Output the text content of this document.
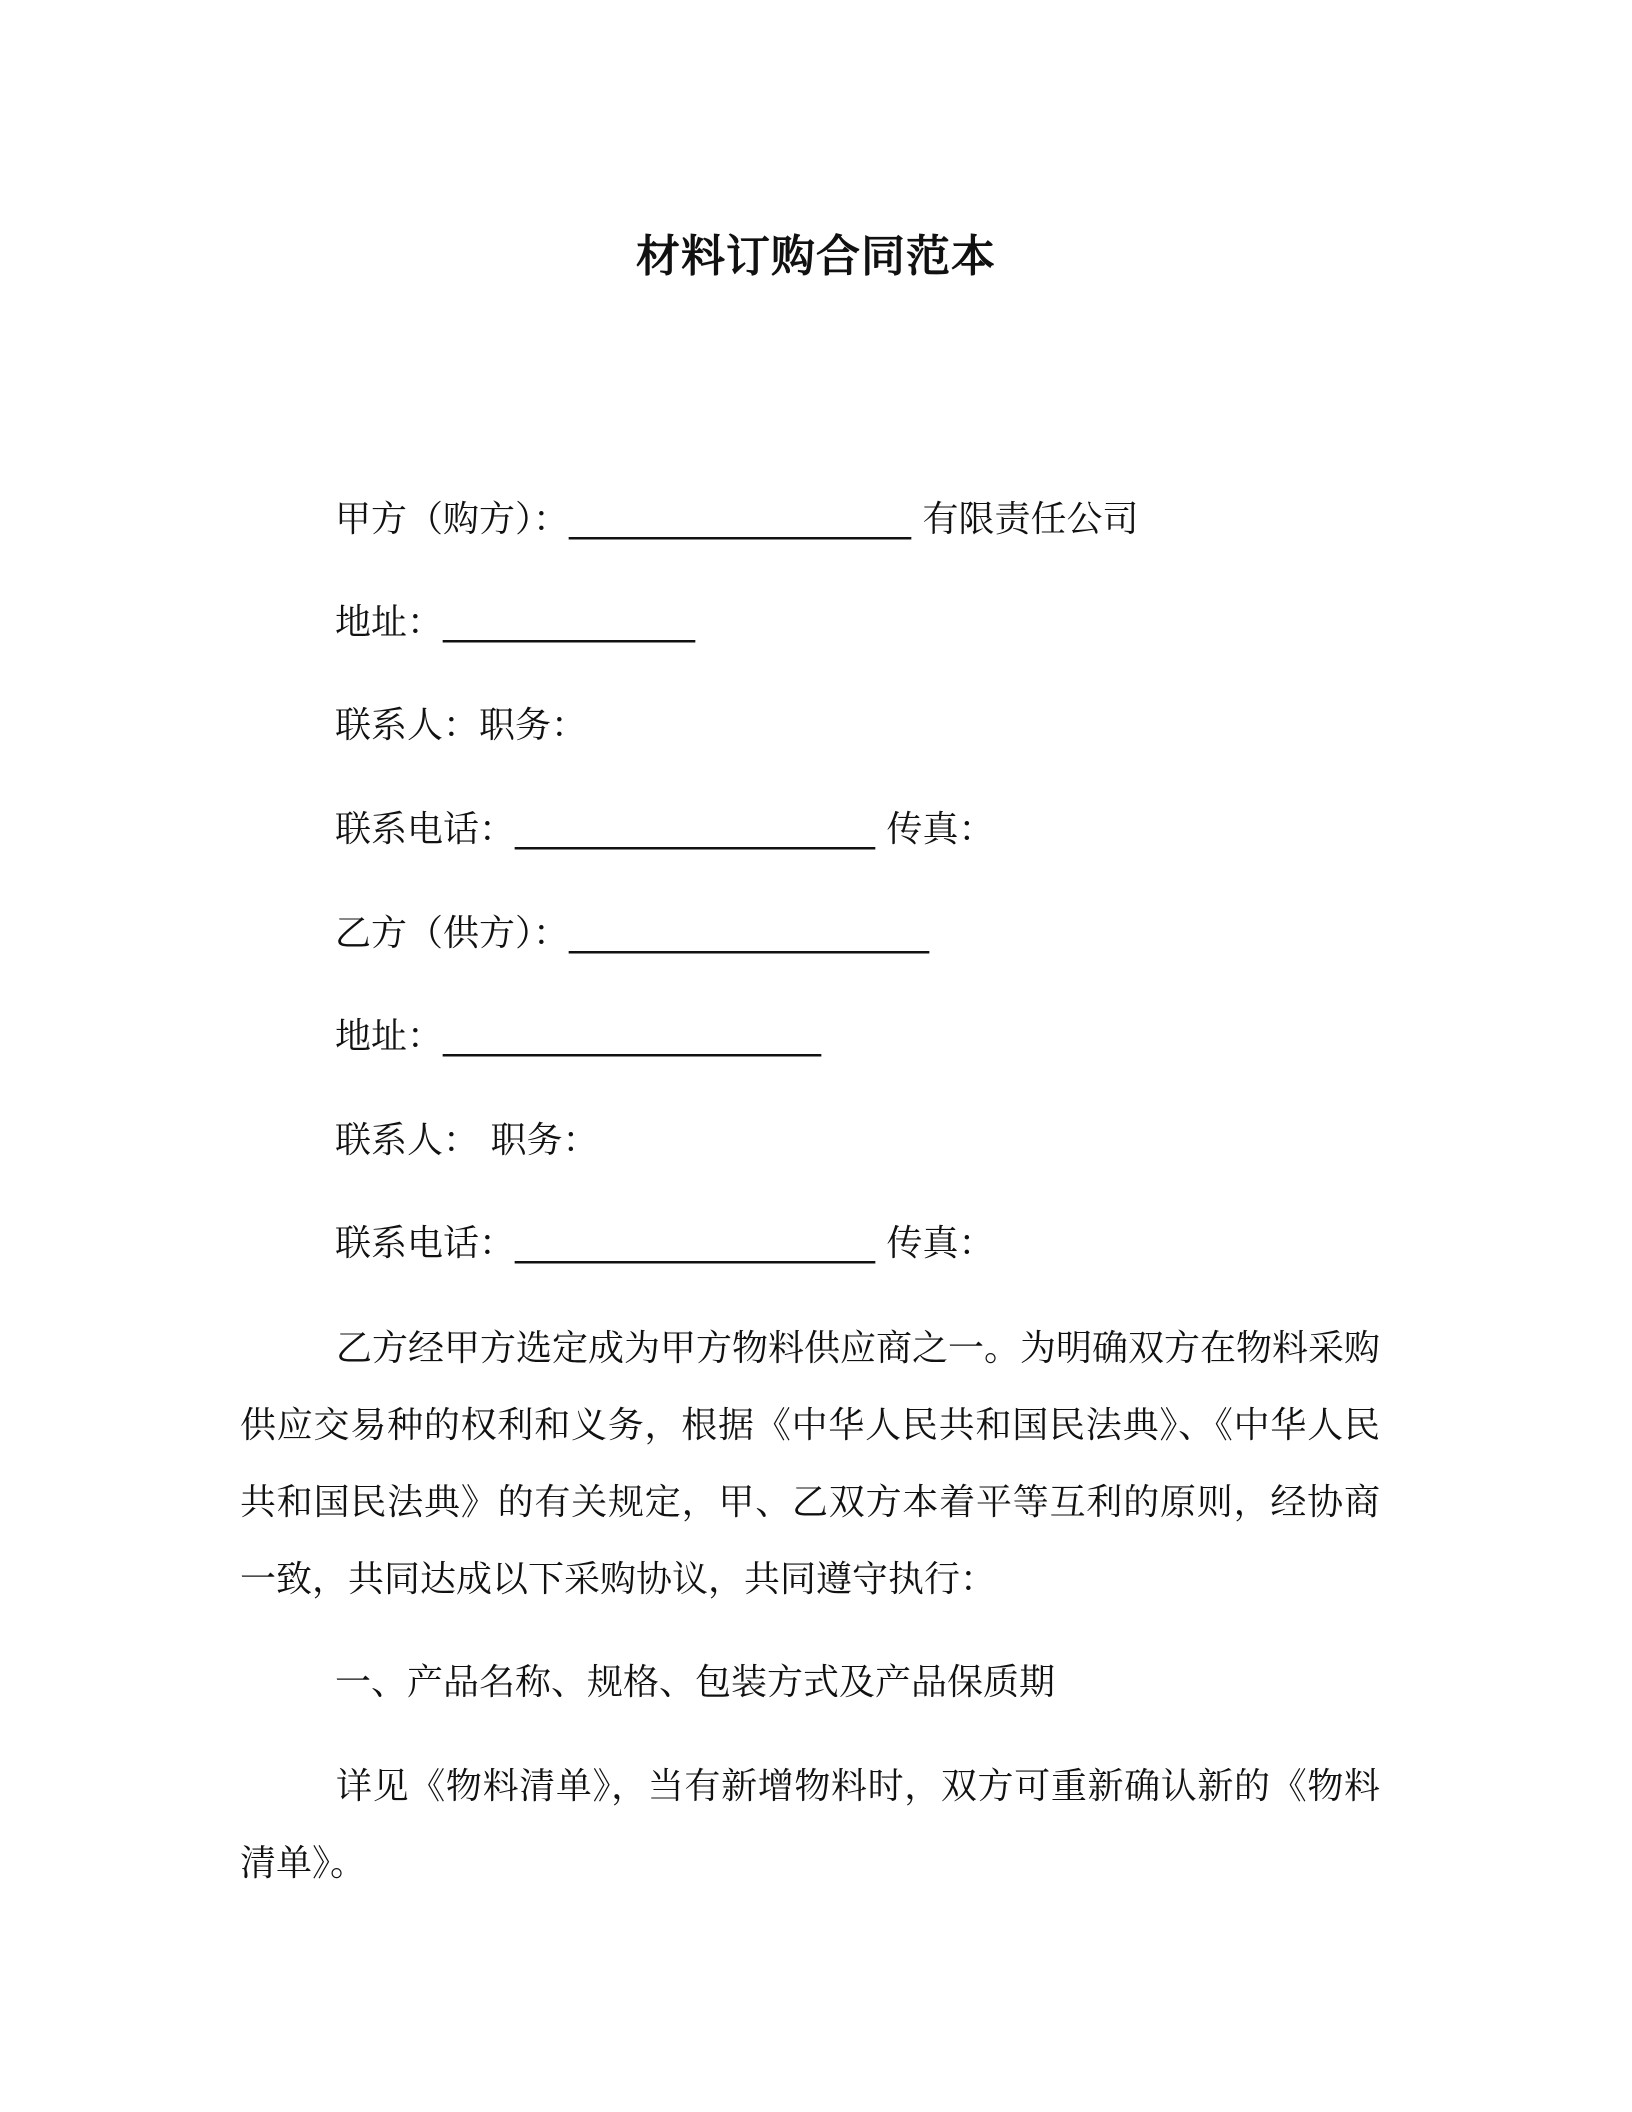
材料订购合同范本
甲方（购方）：___________________ 有限责任公司
地址：______________
联系人：职务：
联系电话：____________________ 传真：
乙方（供方）：____________________
地址：_____________________
联系人： 职务：
联系电话：____________________ 传真：
乙方经甲方选定成为甲方物料供应商之一。为明确双方在物料采购供应交易种的权利和义务，根据《中华人民共和国民法典》、《中华人民共和国民法典》的有关规定，甲、乙双方本着平等互利的原则，经协商一致，共同达成以下采购协议，共同遵守执行：
一、产品名称、规格、包装方式及产品保质期
详见《物料清单》，当有新增物料时，双方可重新确认新的《物料清单》。
